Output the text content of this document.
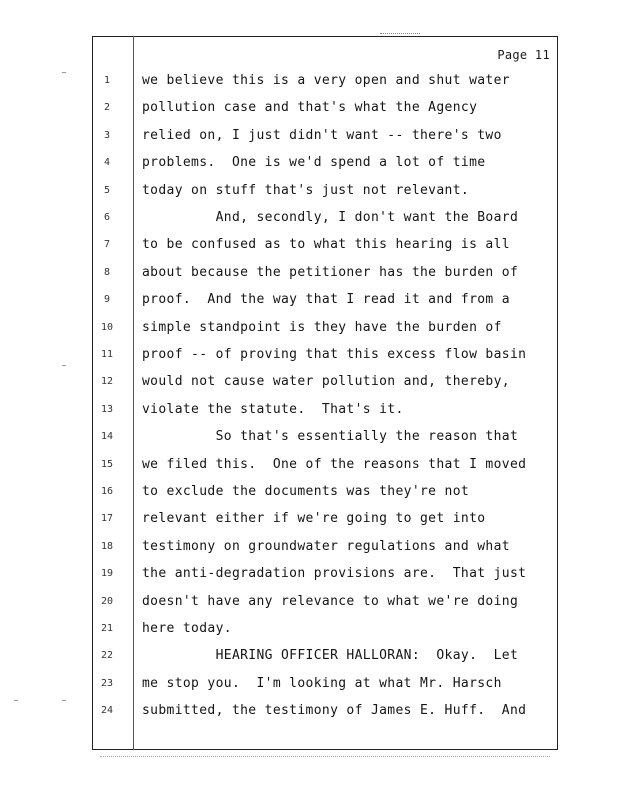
Page 11
1	we believe this is a very open and shut water
2	pollution case and that's what the Agency
3	relied on, I just didn't want -- there's two
4	problems.  One is we'd spend a lot of time
5	today on stuff that's just not relevant.
6	And, secondly, I don't want the Board
7	to be confused as to what this hearing is all
8	about because the petitioner has the burden of
9	proof.  And the way that I read it and from a
10	simple standpoint is they have the burden of
11	proof -- of proving that this excess flow basin
12	would not cause water pollution and, thereby,
13	violate the statute.  That's it.
14	So that's essentially the reason that
15	we filed this.  One of the reasons that I moved
16	to exclude the documents was they're not
17	relevant either if we're going to get into
18	testimony on groundwater regulations and what
19	the anti-degradation provisions are.  That just
20	doesn't have any relevance to what we're doing
21	here today.
22	HEARING OFFICER HALLORAN:  Okay.  Let
23	me stop you.  I'm looking at what Mr. Harsch
24	submitted, the testimony of James E. Huff.  And
